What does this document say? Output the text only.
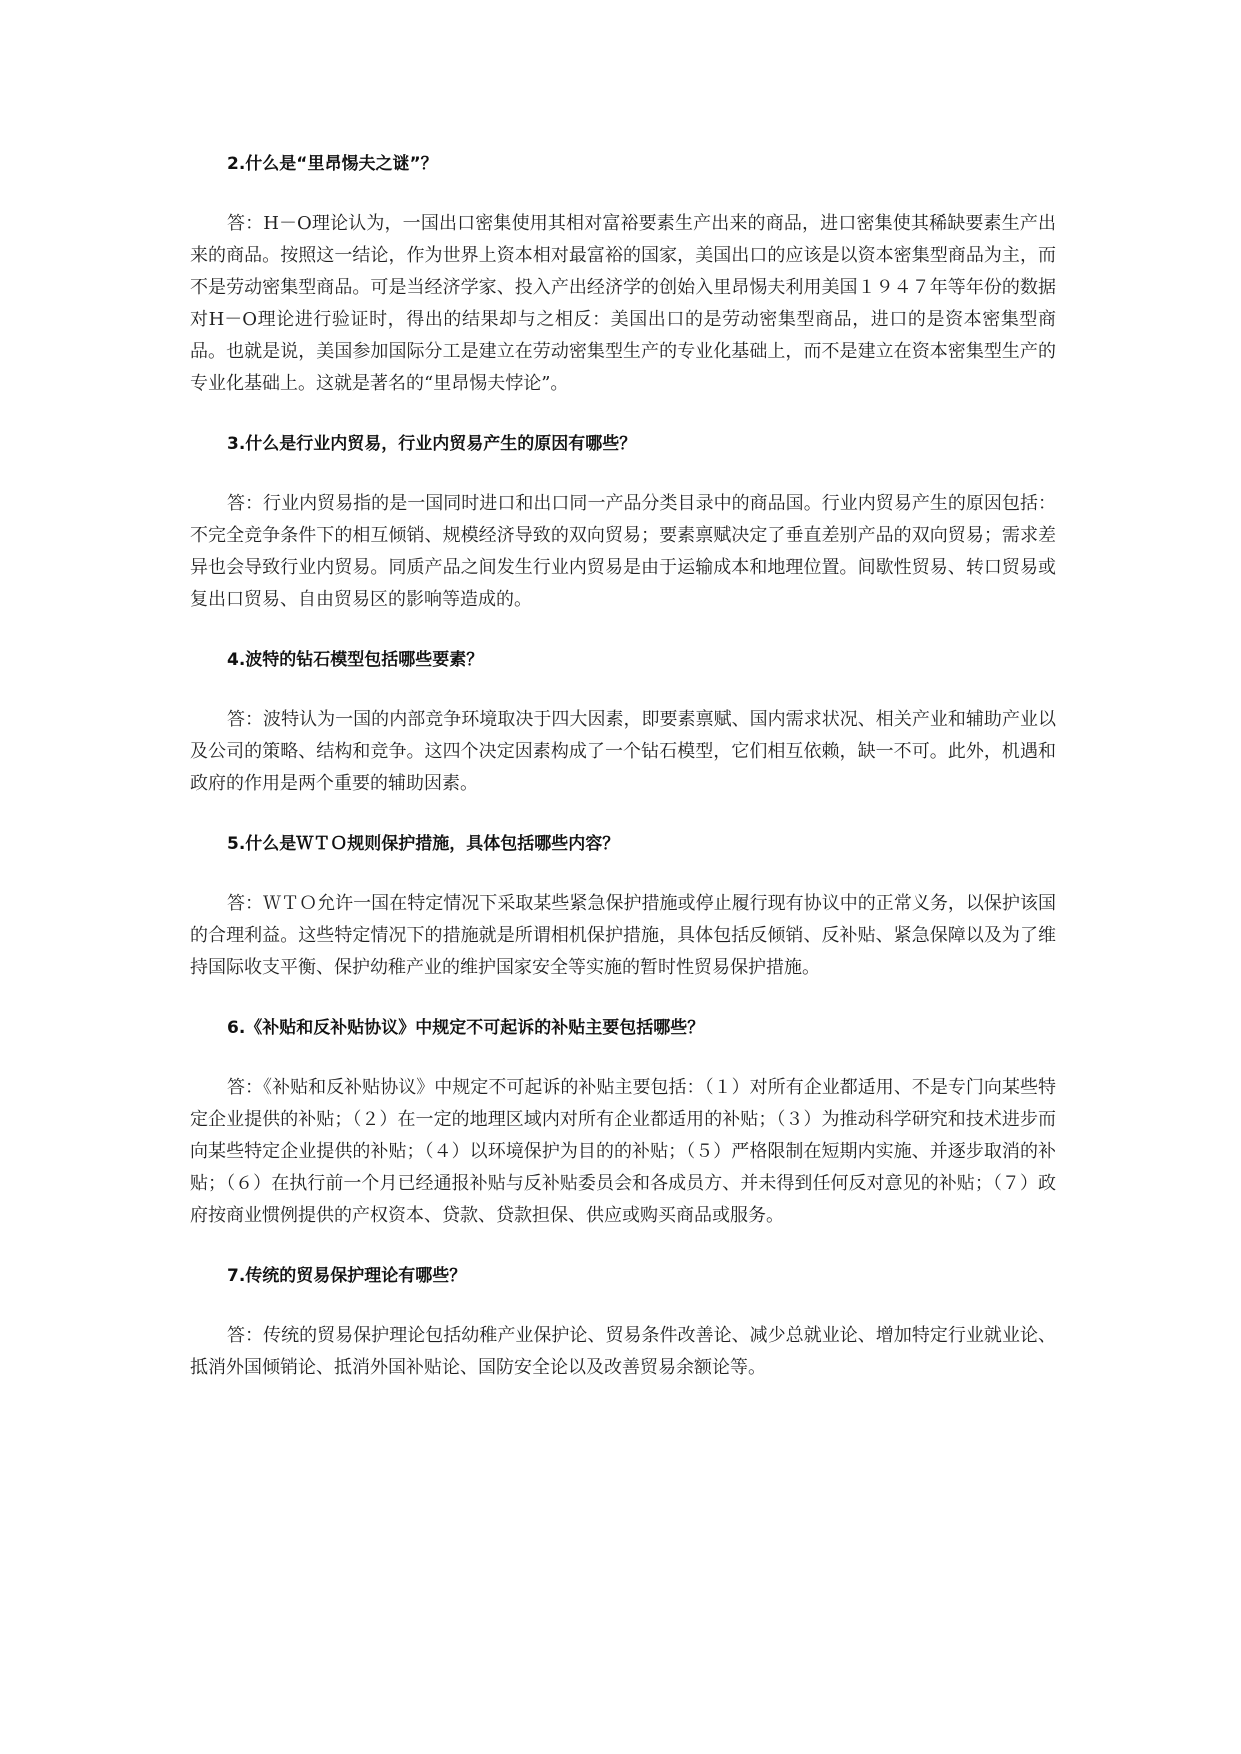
2.什么是“里昂惕夫之谜”？

答：H－O理论认为，一国出口密集使用其相对富裕要素生产出来的商品，进口密集使其稀缺要素生产出来的商品。按照这一结论，作为世界上资本相对最富裕的国家，美国出口的应该是以资本密集型商品为主，而不是劳动密集型商品。可是当经济学家、投入产出经济学的创始入里昂惕夫利用美国１９４７年等年份的数据对H－O理论进行验证时，得出的结果却与之相反：美国出口的是劳动密集型商品，进口的是资本密集型商品。也就是说，美国参加国际分工是建立在劳动密集型生产的专业化基础上，而不是建立在资本密集型生产的专业化基础上。这就是著名的“里昂惕夫悖论”。

3.什么是行业内贸易，行业内贸易产生的原因有哪些？

答：行业内贸易指的是一国同时进口和出口同一产品分类目录中的商品国。行业内贸易产生的原因包括：不完全竞争条件下的相互倾销、规模经济导致的双向贸易；要素禀赋决定了垂直差别产品的双向贸易；需求差异也会导致行业内贸易。同质产品之间发生行业内贸易是由于运输成本和地理位置。间歇性贸易、转口贸易或复出口贸易、自由贸易区的影响等造成的。

4.波特的钻石模型包括哪些要素？

答：波特认为一国的内部竞争环境取决于四大因素，即要素禀赋、国内需求状况、相关产业和辅助产业以及公司的策略、结构和竞争。这四个决定因素构成了一个钻石模型，它们相互依赖，缺一不可。此外，机遇和政府的作用是两个重要的辅助因素。

5.什么是ＷＴＯ规则保护措施，具体包括哪些内容？

答：ＷＴＯ允许一国在特定情况下采取某些紧急保护措施或停止履行现有协议中的正常义务，以保护该国的合理利益。这些特定情况下的措施就是所谓相机保护措施，具体包括反倾销、反补贴、紧急保障以及为了维持国际收支平衡、保护幼稚产业的维护国家安全等实施的暂时性贸易保护措施。

6.《补贴和反补贴协议》中规定不可起诉的补贴主要包括哪些？

答：《补贴和反补贴协议》中规定不可起诉的补贴主要包括：（１）对所有企业都适用、不是专门向某些特定企业提供的补贴；（２）在一定的地理区域内对所有企业都适用的补贴；（３）为推动科学研究和技术进步而向某些特定企业提供的补贴；（４）以环境保护为目的的补贴；（５）严格限制在短期内实施、并逐步取消的补贴；（６）在执行前一个月已经通报补贴与反补贴委员会和各成员方、并未得到任何反对意见的补贴；（７）政府按商业惯例提供的产权资本、贷款、贷款担保、供应或购买商品或服务。

7.传统的贸易保护理论有哪些？

答：传统的贸易保护理论包括幼稚产业保护论、贸易条件改善论、减少总就业论、增加特定行业就业论、抵消外国倾销论、抵消外国补贴论、国防安全论以及改善贸易余额论等。
